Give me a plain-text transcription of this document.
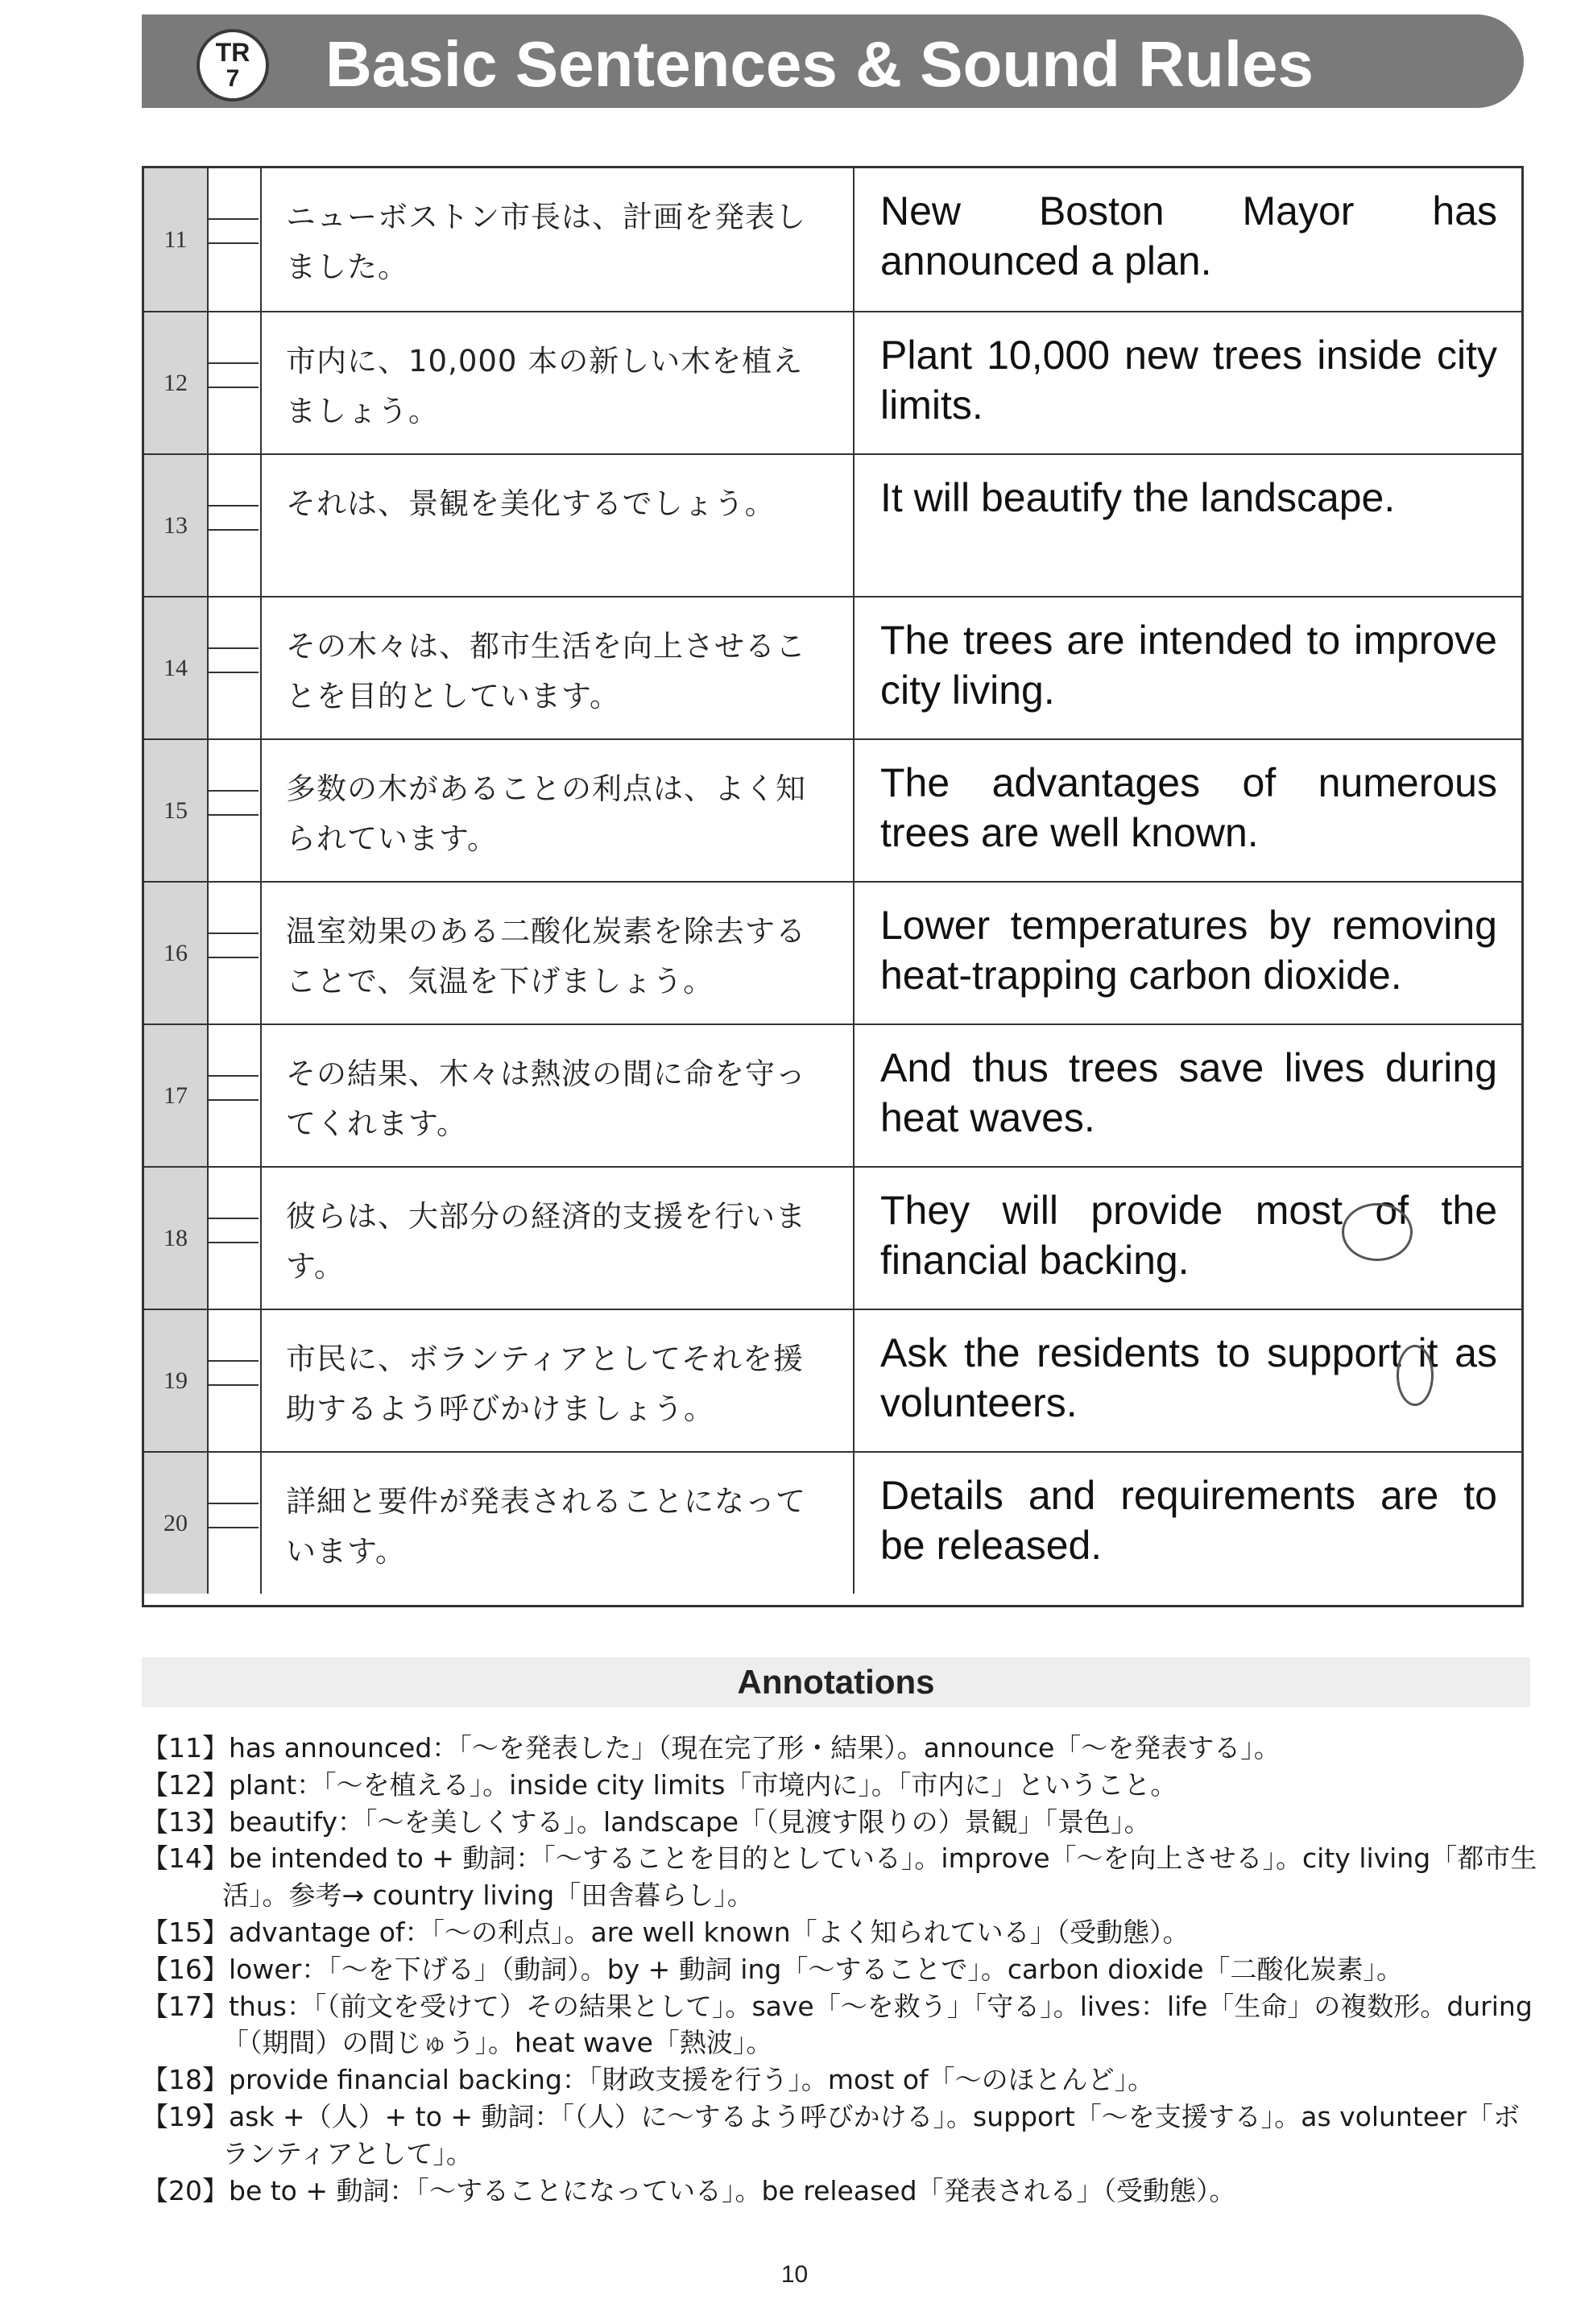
TR
7 Basic Sentences & Sound Rules
11
ニューボストン市長は、計画を発表しました。
New Boston Mayor has announced a plan.
12
市内に、10,000 本の新しい木を植えましょう。
Plant 10,000 new trees inside city limits.
13
それは、景観を美化するでしょう。	It will beautify the landscape.
14
その木々は、都市生活を向上させることを目的としています。
The trees are intended to improve city living.
15
多数の木があることの利点は、よく知られています。
The advantages of numerous trees are well known.
16
温室効果のある二酸化炭素を除去することで、気温を下げましょう。
Lower temperatures by removing heat-trapping carbon dioxide.
17
その結果、木々は熱波の間に命を守ってくれます。
And thus trees save lives during heat waves.
18
彼らは、大部分の経済的支援を行います。
They will provide most of the financial backing.
19
市民に、ボランティアとしてそれを援助するよう呼びかけましょう。
Ask the residents to support it as volunteers.
20
詳細と要件が発表されることになっています。
Details and requirements are to be released.
Annotations

【11】has announced：「～を発表した」（現在完了形・結果）。announce「～を発表する」。

【12】plant：「～を植える」。inside city limits「市境内に」。「市内に」ということ。

【13】beautify：「～を美しくする」。landscape「（見渡す限りの）景観」「景色」。

【14】be intended to + 動詞：「～することを目的としている」。improve「～を向上させる」。city living「都市生活」。参考→ country living「田舎暮らし」。

【15】advantage of：「～の利点」。are well known「よく知られている」（受動態）。

【16】lower：「～を下げる」（動詞）。by + 動詞 ing「～することで」。carbon dioxide「二酸化炭素」。

【17】thus：「（前文を受けて）その結果として」。save「～を救う」「守る」。lives：life「生命」の複数形。during「（期間）の間じゅう」。heat wave「熱波」。

【18】provide financial backing：「財政支援を行う」。most of「～のほとんど」。

【19】ask +（人）+ to + 動詞：「（人）に～するよう呼びかける」。support「～を支援する」。as volunteer「ボランティアとして」。

【20】be to + 動詞：「～することになっている」。be released「発表される」（受動態）。

10
